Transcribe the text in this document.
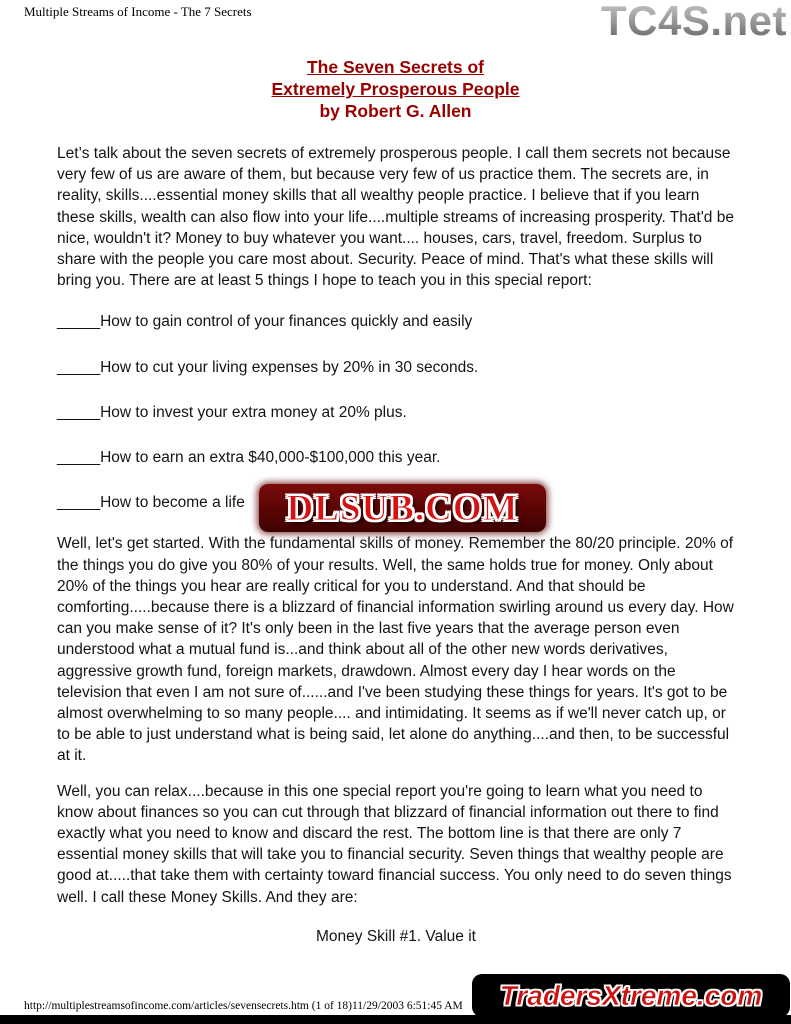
Multiple Streams of Income - The 7 Secrets	TC4S.net
The Seven Secrets of
Extremely Prosperous People
by Robert G. Allen

Let’s talk about the seven secrets of extremely prosperous people. I call them secrets not because very few of us are aware of them, but because very few of us practice them. The secrets are, in reality, skills....essential money skills that all wealthy people practice. I believe that if you learn these skills, wealth can also flow into your life....multiple streams of increasing prosperity. That'd be nice, wouldn't it? Money to buy whatever you want.... houses, cars, travel, freedom. Surplus to share with the people you care most about. Security. Peace of mind. That's what these skills will bring you. There are at least 5 things I hope to teach you in this special report:

_____How to gain control of your finances quickly and easily

_____How to cut your living expenses by 20% in 30 seconds.

_____How to invest your extra money at 20% plus.

_____How to earn an extra $40,000-$100,000 this year.

_____How to become a life

Well, let's get started. With the fundamental skills of money. Remember the 80/20 principle. 20% of the things you do give you 80% of your results. Well, the same holds true for money. Only about 20% of the things you hear are really critical for you to understand. And that should be comforting.....because there is a blizzard of financial information swirling around us every day. How can you make sense of it? It's only been in the last five years that the average person even understood what a mutual fund is...and think about all of the other new words derivatives, aggressive growth fund, foreign markets, drawdown. Almost every day I hear words on the television that even I am not sure of......and I've been studying these things for years. It's got to be almost overwhelming to so many people.... and intimidating. It seems as if we'll never catch up, or to be able to just understand what is being said, let alone do anything....and then, to be successful at it.

Well, you can relax....because in this one special report you're going to learn what you need to know about finances so you can cut through that blizzard of financial information out there to find exactly what you need to know and discard the rest. The bottom line is that there are only 7 essential money skills that will take you to financial security. Seven things that wealthy people are good at.....that take them with certainty toward financial success. You only need to do seven things well. I call these Money Skills. And they are:

Money Skill #1. Value it

DLSUB.COM
http://multiplestreamsofincome.com/articles/sevensecrets.htm (1 of 18)11/29/2003 6:51:45 AM TradersXtreme.com
